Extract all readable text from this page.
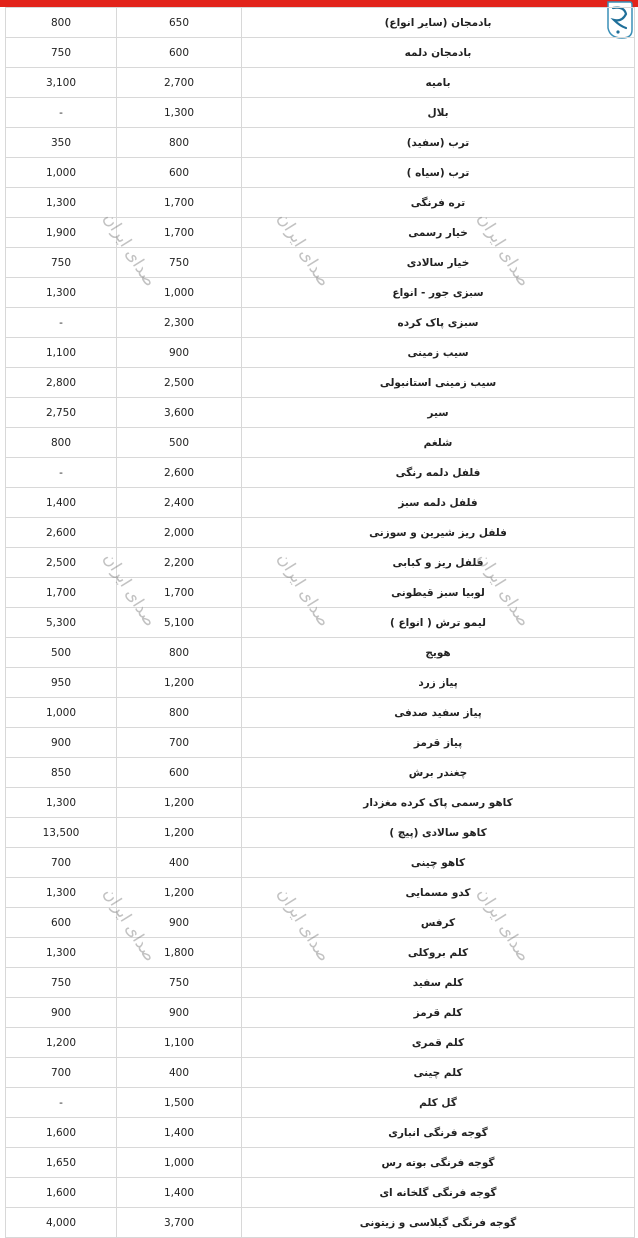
800	650	بادمجان (سایر انواع)
750	600	بادمجان دلمه
3,100	2,700	بامیه
-	1,300	بلال
350	800	ترب (سفید)
1,000	600	ترب (سیاه )
1,300	1,700	تره فرنگی
1,900	1,700	خیار رسمی
750	750	خیار سالادی
1,300	1,000	سبزی جور - انواع
-	2,300	سبزی پاک کرده
1,100	900	سیب زمینی
2,800	2,500	سیب زمینی استانبولی
2,750	3,600	سیر
800	500	شلغم
-	2,600	فلفل دلمه رنگی
1,400	2,400	فلفل دلمه سبز
2,600	2,000	فلفل ریز شیرین و سوزنی
2,500	2,200	فلفل ریز و کبابی
1,700	1,700	لوبیا سبز قیطونی
5,300	5,100	لیمو ترش ( انواع )
500	800	هویج
950	1,200	پیاز زرد
1,000	800	پیاز سفید صدفی
900	700	پیاز قرمز
850	600	چغندر برش
1,300	1,200	کاهو رسمی پاک کرده مغزدار
13,500	1,200	کاهو سالادی (پیچ )
700	400	کاهو چینی
1,300	1,200	کدو مسمایی
600	900	کرفس
1,300	1,800	کلم بروکلی
750	750	کلم سفید
900	900	کلم قرمز
1,200	1,100	کلم قمری
700	400	کلم چینی
-	1,500	گل کلم
1,600	1,400	گوجه فرنگی انباری
1,650	1,000	گوجه فرنگی بوته رس
1,600	1,400	گوجه فرنگی گلخانه ای
4,000	3,700	گوجه فرنگی گیلاسی و زیتونی
صدای ایران	صدای ایران	صدای ایران
صدای ایران	صدای ایران	صدای ایران
صدای ایران	صدای ایران	صدای ایران
